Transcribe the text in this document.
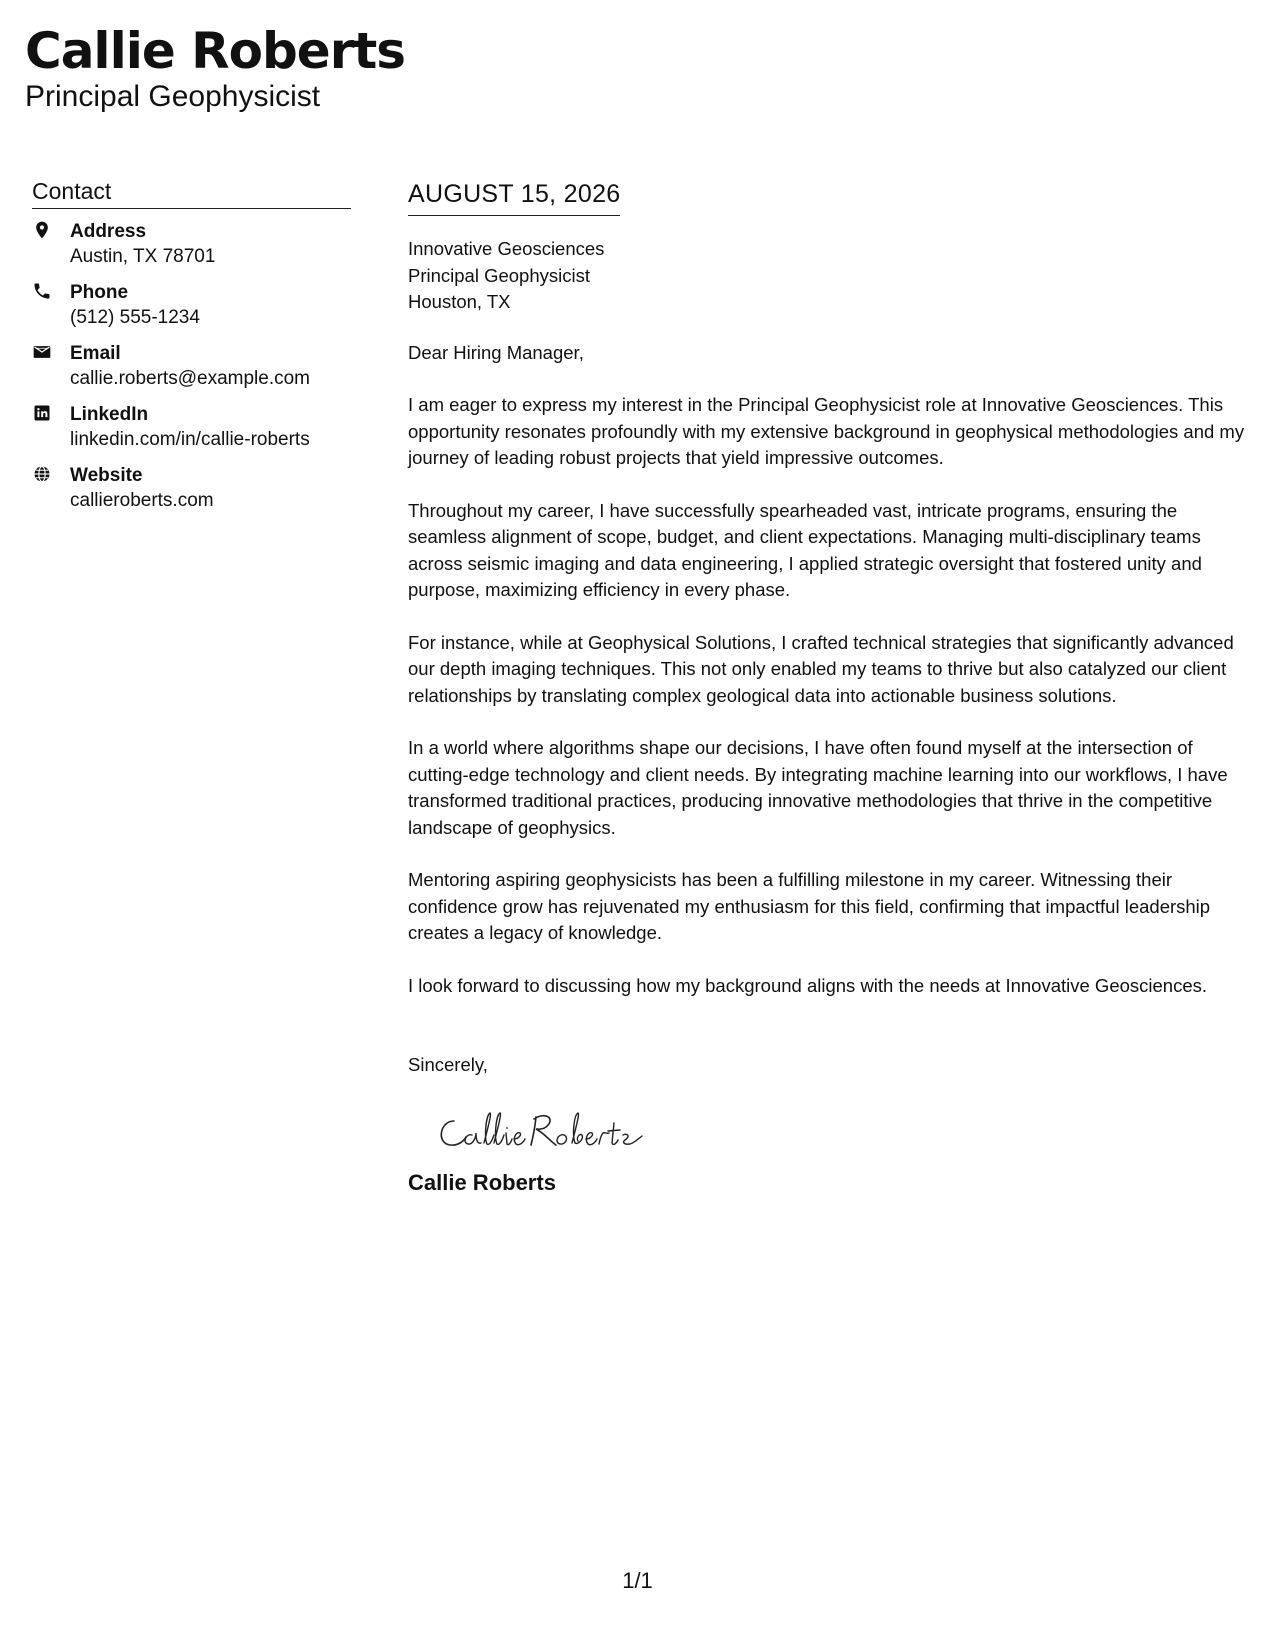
Callie Roberts
Principal Geophysicist
Contact
Address
Austin, TX 78701
Phone
(512) 555-1234
Email
callie.roberts@example.com
LinkedIn
linkedin.com/in/callie-roberts
Website
callieroberts.com
AUGUST 15, 2026
Innovative Geosciences
Principal Geophysicist
Houston, TX

Dear Hiring Manager,

I am eager to express my interest in the Principal Geophysicist role at Innovative Geosciences. This opportunity resonates profoundly with my extensive background in geophysical methodologies and my journey of leading robust projects that yield impressive outcomes.

Throughout my career, I have successfully spearheaded vast, intricate programs, ensuring the seamless alignment of scope, budget, and client expectations. Managing multi-disciplinary teams across seismic imaging and data engineering, I applied strategic oversight that fostered unity and purpose, maximizing efficiency in every phase.

For instance, while at Geophysical Solutions, I crafted technical strategies that significantly advanced our depth imaging techniques. This not only enabled my teams to thrive but also catalyzed our client relationships by translating complex geological data into actionable business solutions.

In a world where algorithms shape our decisions, I have often found myself at the intersection of cutting-edge technology and client needs. By integrating machine learning into our workflows, I have transformed traditional practices, producing innovative methodologies that thrive in the competitive landscape of geophysics.

Mentoring aspiring geophysicists has been a fulfilling milestone in my career. Witnessing their confidence grow has rejuvenated my enthusiasm for this field, confirming that impactful leadership creates a legacy of knowledge.

I look forward to discussing how my background aligns with the needs at Innovative Geosciences.

Sincerely,
Callie Roberts
1/1
